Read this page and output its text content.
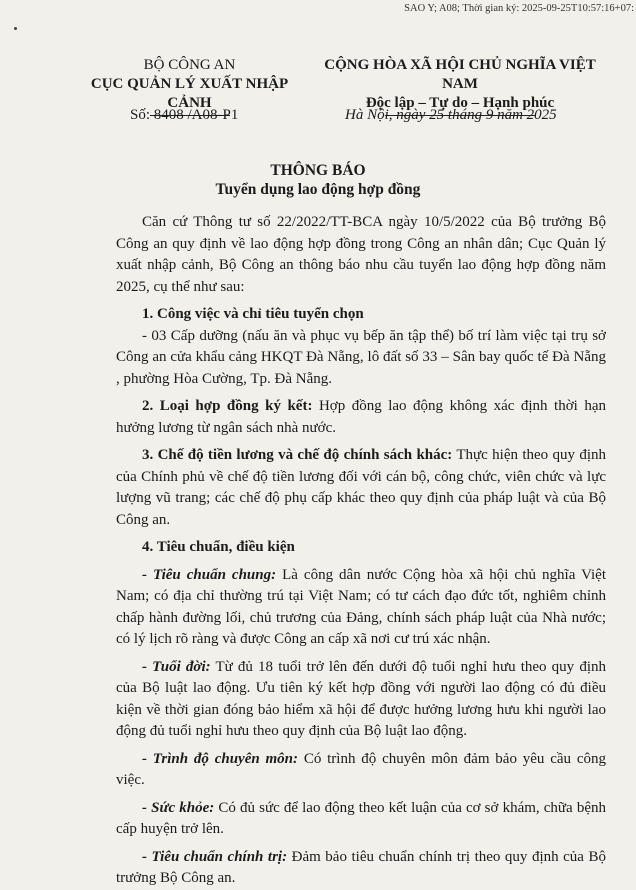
SAO Y; A08; Thời gian ký: 2025-09-25T10:57:16+07:
BỘ CÔNG AN
CỤC QUẢN LÝ XUẤT NHẬP CẢNH
CỘNG HÒA XÃ HỘI CHỦ NGHĨA VIỆT NAM
Độc lập – Tự do – Hạnh phúc
Số: 8408 /A08-P1	Hà Nội, ngày 25 tháng 9 năm 2025
THÔNG BÁO
Tuyển dụng lao động hợp đồng

Căn cứ Thông tư số 22/2022/TT-BCA ngày 10/5/2022 của Bộ trưởng Bộ Công an quy định về lao động hợp đồng trong Công an nhân dân; Cục Quản lý xuất nhập cảnh, Bộ Công an thông báo nhu cầu tuyển lao động hợp đồng năm 2025, cụ thể như sau:

1. Công việc và chỉ tiêu tuyển chọn

- 03 Cấp dưỡng (nấu ăn và phục vụ bếp ăn tập thể) bố trí làm việc tại trụ sở Công an cửa khẩu cảng HKQT Đà Nẵng, lô đất số 33 – Sân bay quốc tế Đà Nẵng , phường Hòa Cường, Tp. Đà Nẵng.

2. Loại hợp đồng ký kết: Hợp đồng lao động không xác định thời hạn hưởng lương từ ngân sách nhà nước.

3. Chế độ tiền lương và chế độ chính sách khác: Thực hiện theo quy định của Chính phủ về chế độ tiền lương đối với cán bộ, công chức, viên chức và lực lượng vũ trang; các chế độ phụ cấp khác theo quy định của pháp luật và của Bộ Công an.

4. Tiêu chuẩn, điều kiện

- Tiêu chuẩn chung: Là công dân nước Cộng hòa xã hội chủ nghĩa Việt Nam; có địa chỉ thường trú tại Việt Nam; có tư cách đạo đức tốt, nghiêm chỉnh chấp hành đường lối, chủ trương của Đảng, chính sách pháp luật của Nhà nước; có lý lịch rõ ràng và được Công an cấp xã nơi cư trú xác nhận.

- Tuổi đời: Từ đủ 18 tuổi trở lên đến dưới độ tuổi nghỉ hưu theo quy định của Bộ luật lao động. Ưu tiên ký kết hợp đồng với người lao động có đủ điều kiện về thời gian đóng bảo hiểm xã hội để được hưởng lương hưu khi người lao động đủ tuổi nghỉ hưu theo quy định của Bộ luật lao động.

- Trình độ chuyên môn: Có trình độ chuyên môn đảm bảo yêu cầu công việc.

- Sức khỏe: Có đủ sức để lao động theo kết luận của cơ sở khám, chữa bệnh cấp huyện trở lên.

- Tiêu chuẩn chính trị: Đảm bảo tiêu chuẩn chính trị theo quy định của Bộ trưởng Bộ Công an.
